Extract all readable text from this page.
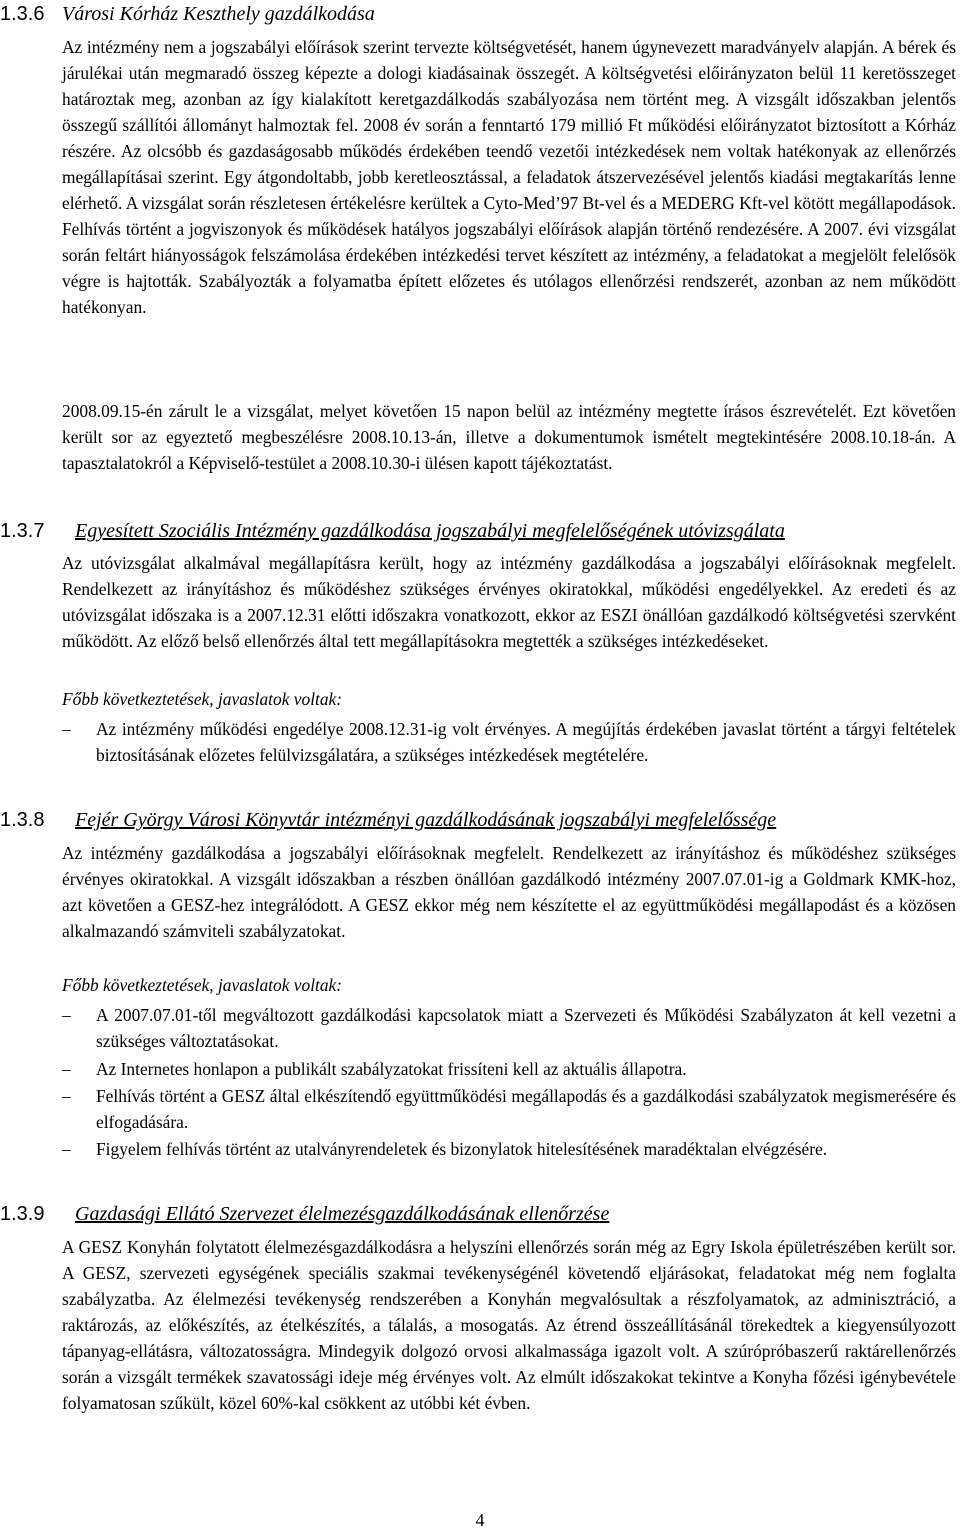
1.3.6 Városi Kórház Keszthely gazdálkodása

Az intézmény nem a jogszabályi előírások szerint tervezte költségvetését, hanem úgynevezett maradványelv alapján. A bérek és járulékai után megmaradó összeg képezte a dologi kiadásainak összegét. A költségvetési előirányzaton belül 11 keretösszeget határoztak meg, azonban az így kialakított keretgazdálkodás szabályozása nem történt meg. A vizsgált időszakban jelentős összegű szállítói állományt halmoztak fel. 2008 év során a fenntartó 179 millió Ft működési előirányzatot biztosított a Kórház részére. Az olcsóbb és gazdaságosabb működés érdekében teendő vezetői intézkedések nem voltak hatékonyak az ellenőrzés megállapításai szerint. Egy átgondoltabb, jobb keretleosztással, a feladatok átszervezésével jelentős kiadási megtakarítás lenne elérhető. A vizsgálat során részletesen értékelésre kerültek a Cyto-Med’97 Bt-vel és a MEDERG Kft-vel kötött megállapodások. Felhívás történt a jogviszonyok és működések hatályos jogszabályi előírások alapján történő rendezésére. A 2007. évi vizsgálat során feltárt hiányosságok felszámolása érdekében intézkedési tervet készített az intézmény, a feladatokat a megjelölt felelősök végre is hajtották. Szabályozták a folyamatba épített előzetes és utólagos ellenőrzési rendszerét, azonban az nem működött hatékonyan.

2008.09.15-én zárult le a vizsgálat, melyet követően 15 napon belül az intézmény megtette írásos észrevételét. Ezt követően került sor az egyeztető megbeszélésre 2008.10.13-án, illetve a dokumentumok ismételt megtekintésére 2008.10.18-án. A tapasztalatokról a Képviselő-testület a 2008.10.30-i ülésen kapott tájékoztatást.

1.3.7 Egyesített Szociális Intézmény gazdálkodása jogszabályi megfelelőségének utóvizsgálata

Az utóvizsgálat alkalmával megállapításra került, hogy az intézmény gazdálkodása a jogszabályi előírásoknak megfelelt. Rendelkezett az irányításhoz és működéshez szükséges érvényes okiratokkal, működési engedélyekkel. Az eredeti és az utóvizsgálat időszaka is a 2007.12.31 előtti időszakra vonatkozott, ekkor az ESZI önállóan gazdálkodó költségvetési szervként működött. Az előző belső ellenőrzés által tett megállapításokra megtették a szükséges intézkedéseket.

Főbb következtetések, javaslatok voltak:

–	Az intézmény működési engedélye 2008.12.31-ig volt érvényes. A megújítás érdekében javaslat történt a tárgyi feltételek biztosításának előzetes felülvizsgálatára, a szükséges intézkedések megtételére.
1.3.8 Fejér György Városi Könyvtár intézményi gazdálkodásának jogszabályi megfelelőssége

Az intézmény gazdálkodása a jogszabályi előírásoknak megfelelt. Rendelkezett az irányításhoz és működéshez szükséges érvényes okiratokkal. A vizsgált időszakban a részben önállóan gazdálkodó intézmény 2007.07.01-ig a Goldmark KMK-hoz, azt követően a GESZ-hez integrálódott. A GESZ ekkor még nem készítette el az együttműködési megállapodást és a közösen alkalmazandó számviteli szabályzatokat.

Főbb következtetések, javaslatok voltak:

–	A 2007.07.01-től megváltozott gazdálkodási kapcsolatok miatt a Szervezeti és Működési Szabályzaton át kell vezetni a szükséges változtatásokat.
–	Az Internetes honlapon a publikált szabályzatokat frissíteni kell az aktuális állapotra.
–	Felhívás történt a GESZ által elkészítendő együttműködési megállapodás és a gazdálkodási szabályzatok megismerésére és elfogadására.
–	Figyelem felhívás történt az utalványrendeletek és bizonylatok hitelesítésének maradéktalan elvégzésére.
1.3.9 Gazdasági Ellátó Szervezet élelmezésgazdálkodásának ellenőrzése

A GESZ Konyhán folytatott élelmezésgazdálkodásra a helyszíni ellenőrzés során még az Egry Iskola épületrészében került sor. A GESZ, szervezeti egységének speciális szakmai tevékenységénél követendő eljárásokat, feladatokat még nem foglalta szabályzatba. Az élelmezési tevékenység rendszerében a Konyhán megvalósultak a részfolyamatok, az adminisztráció, a raktározás, az előkészítés, az ételkészítés, a tálalás, a mosogatás. Az étrend összeállításánál törekedtek a kiegyensúlyozott tápanyag-ellátásra, változatosságra. Mindegyik dolgozó orvosi alkalmassága igazolt volt. A szúrópróbaszerű raktárellenőrzés során a vizsgált termékek szavatossági ideje még érvényes volt. Az elmúlt időszakokat tekintve a Konyha főzési igénybevétele folyamatosan szűkült, közel 60%-kal csökkent az utóbbi két évben.

4
